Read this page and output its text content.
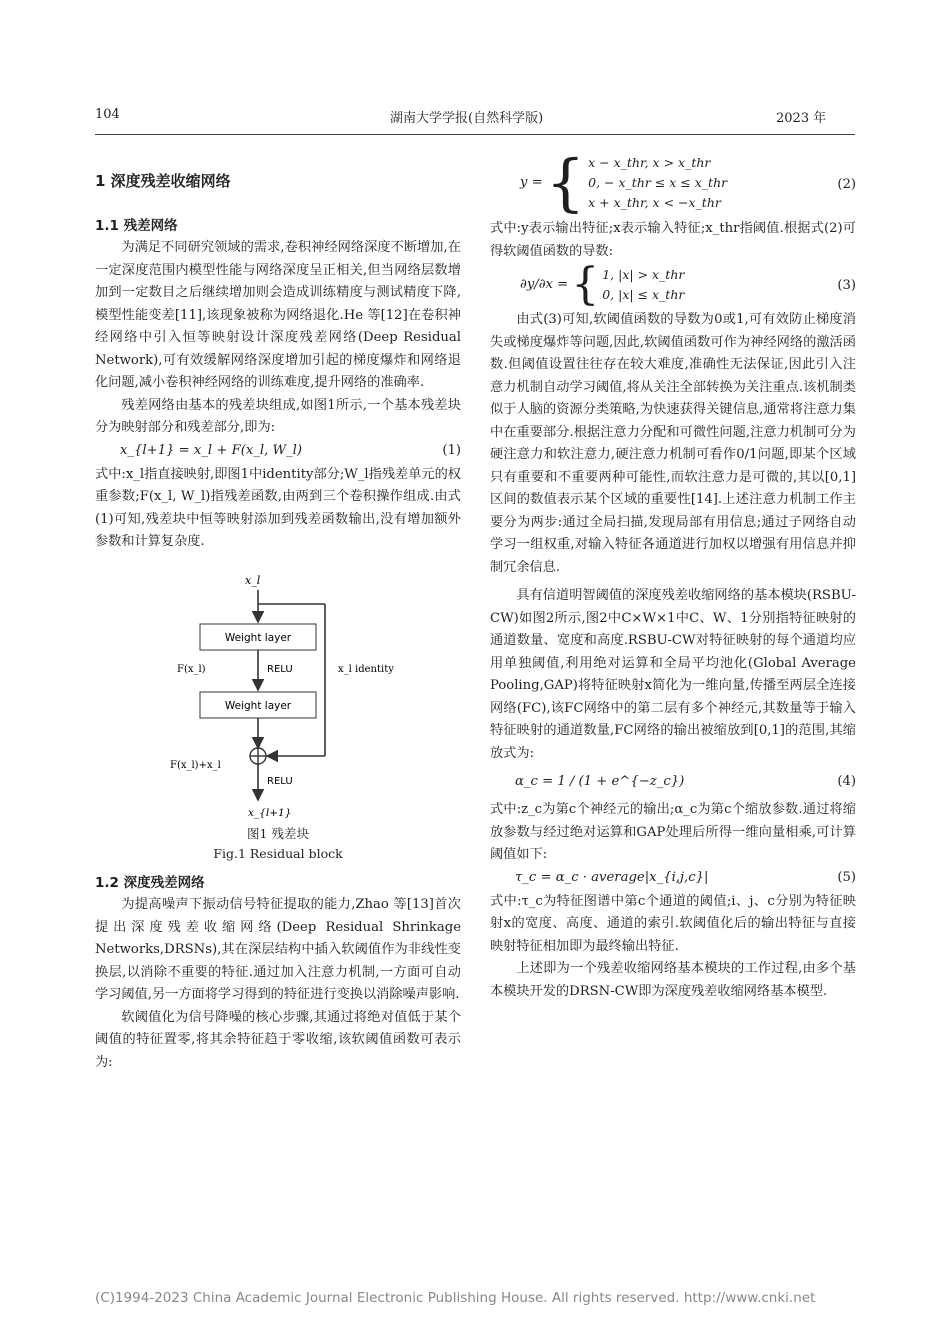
104	湖南大学学报(自然科学版)	2023 年

1 深度残差收缩网络

1.1 残差网络

为满足不同研究领域的需求,卷积神经网络深度不断增加,在一定深度范围内模型性能与网络深度呈正相关,但当网络层数增加到一定数目之后继续增加则会造成训练精度与测试精度下降,模型性能变差[11],该现象被称为网络退化.He 等[12]在卷积神经网络中引入恒等映射设计深度残差网络(Deep Residual Network),可有效缓解网络深度增加引起的梯度爆炸和网络退化问题,减小卷积神经网络的训练难度,提升网络的准确率.

残差网络由基本的残差块组成,如图1所示,一个基本残差块分为映射部分和残差部分,即为:

x_{l+1} = x_l + F(x_l, W_l)	(1)

式中:x_l指直接映射,即图1中identity部分;W_l指残差单元的权重参数;F(x_l, W_l)指残差函数,由两到三个卷积操作组成.由式(1)可知,残差块中恒等映射添加到残差函数输出,没有增加额外参数和计算复杂度.

x_l
Weight layer
RELU
F(x_l)	x_l identity
Weight layer
F(x_l)+x_l
RELU
x_{l+1}

图1 残差块

Fig.1 Residual block

1.2 深度残差网络

为提高噪声下振动信号特征提取的能力,Zhao 等[13]首次提出深度残差收缩网络(Deep Residual Shrinkage Networks,DRSNs),其在深层结构中插入软阈值作为非线性变换层,以消除不重要的特征.通过加入注意力机制,一方面可自动学习阈值,另一方面将学习得到的特征进行变换以消除噪声影响.

软阈值化为信号降噪的核心步骤,其通过将绝对值低于某个阈值的特征置零,将其余特征趋于零收缩,该软阈值函数可表示为:

y = { x − x_thr, x > x_thr
0, − x_thr ≤ x ≤ x_thr
x + x_thr, x < −x_thr
(2)

式中:y表示输出特征;x表示输入特征;x_thr指阈值.根据式(2)可得软阈值函数的导数:

∂y/∂x = { 1, |x| > x_thr
0, |x| ≤ x_thr
(3)

由式(3)可知,软阈值函数的导数为0或1,可有效防止梯度消失或梯度爆炸等问题,因此,软阈值函数可作为神经网络的激活函数.但阈值设置往往存在较大难度,准确性无法保证,因此引入注意力机制自动学习阈值,将从关注全部转换为关注重点.该机制类似于人脑的资源分类策略,为快速获得关键信息,通常将注意力集中在重要部分.根据注意力分配和可微性问题,注意力机制可分为硬注意力和软注意力,硬注意力机制可看作0/1问题,即某个区域只有重要和不重要两种可能性,而软注意力是可微的,其以[0,1]区间的数值表示某个区域的重要性[14].上述注意力机制工作主要分为两步:通过全局扫描,发现局部有用信息;通过子网络自动学习一组权重,对输入特征各通道进行加权以增强有用信息并抑制冗余信息.

具有信道明智阈值的深度残差收缩网络的基本模块(RSBU-CW)如图2所示,图2中C×W×1中C、W、1分别指特征映射的通道数量、宽度和高度.RSBU-CW对特征映射的每个通道均应用单独阈值,利用绝对运算和全局平均池化(Global Average Pooling,GAP)将特征映射x简化为一维向量,传播至两层全连接网络(FC),该FC网络中的第二层有多个神经元,其数量等于输入特征映射的通道数量,FC网络的输出被缩放到[0,1]的范围,其缩放式为:

α_c = 1 / (1 + e^{−z_c})	(4)

式中:z_c为第c个神经元的输出;α_c为第c个缩放参数.通过将缩放参数与经过绝对运算和GAP处理后所得一维向量相乘,可计算阈值如下:

τ_c = α_c · average|x_{i,j,c}|	(5)

式中:τ_c为特征图谱中第c个通道的阈值;i、j、c分别为特征映射x的宽度、高度、通道的索引.软阈值化后的输出特征与直接映射特征相加即为最终输出特征.

上述即为一个残差收缩网络基本模块的工作过程,由多个基本模块开发的DRSN-CW即为深度残差收缩网络基本模型.

(C)1994-2023 China Academic Journal Electronic Publishing House. All rights reserved. http://www.cnki.net
